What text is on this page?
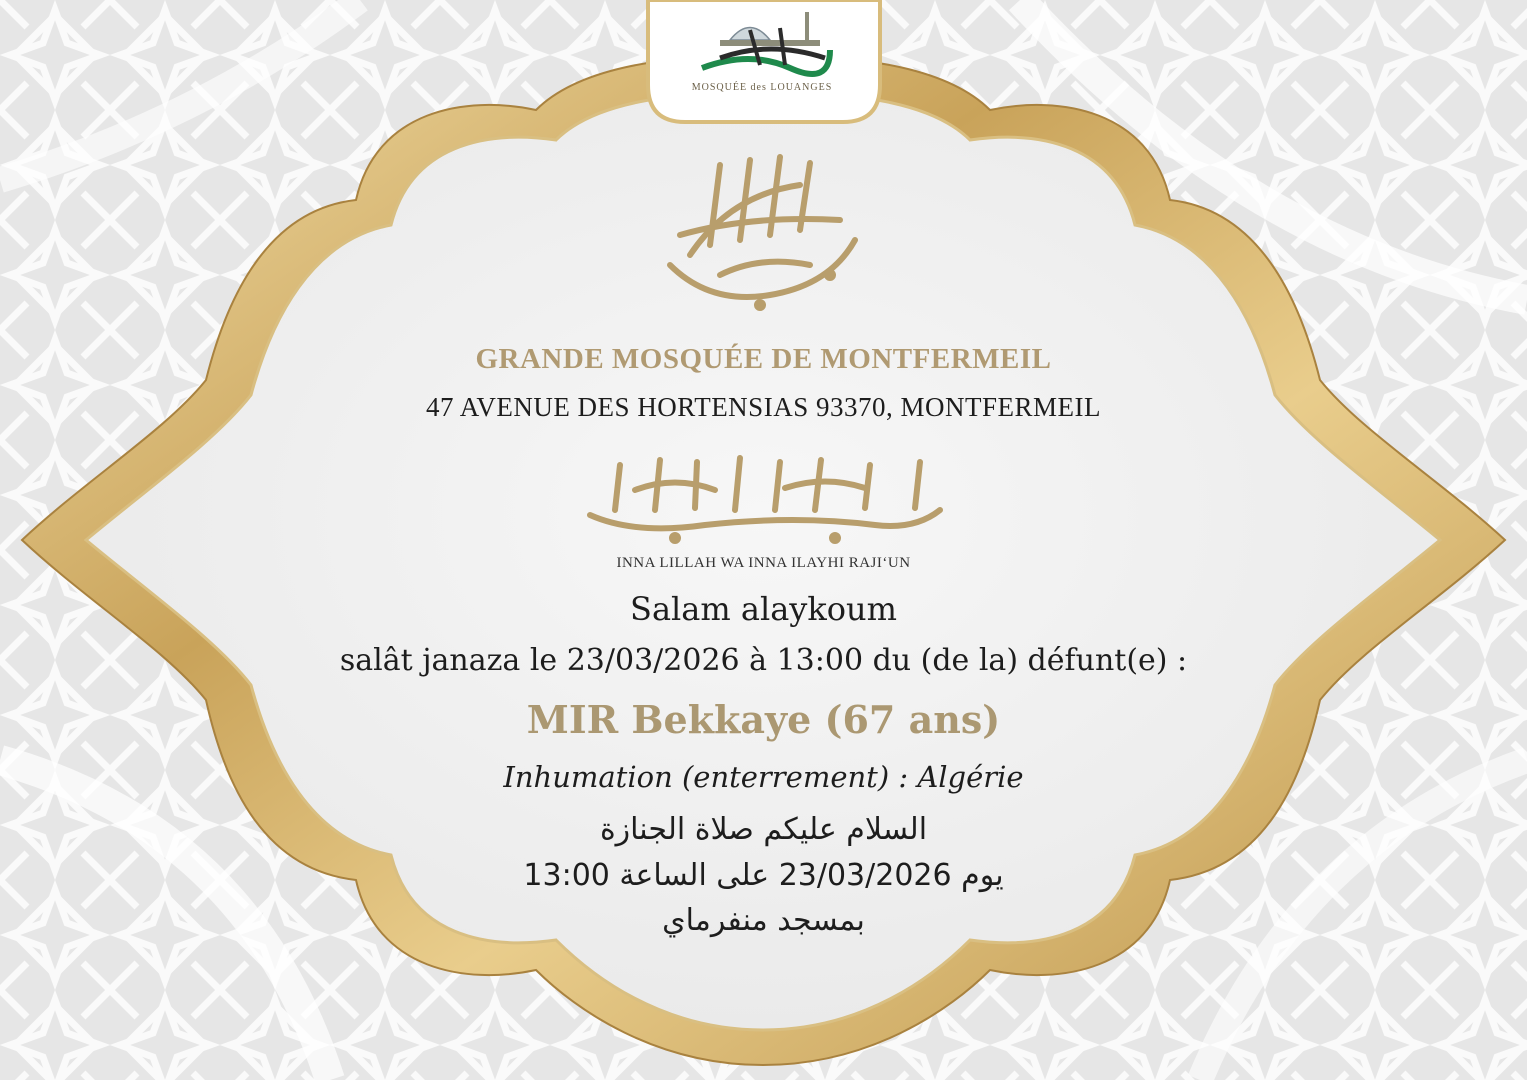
MOSQUÉE des LOUANGES
GRANDE MOSQUÉE DE MONTFERMEIL
47 AVENUE DES HORTENSIAS 93370, MONTFERMEIL
INNA LILLAH WA INNA ILAYHI RAJI‘UN
Salam alaykoum
salât janaza le 23/03/2026 à 13:00 du (de la) défunt(e) :
MIR Bekkaye (67 ans)
Inhumation (enterrement) : Algérie
السلام عليكم صلاة الجنازة
يوم 23/03/2026 على الساعة 13:00
بمسجد منفرماي
